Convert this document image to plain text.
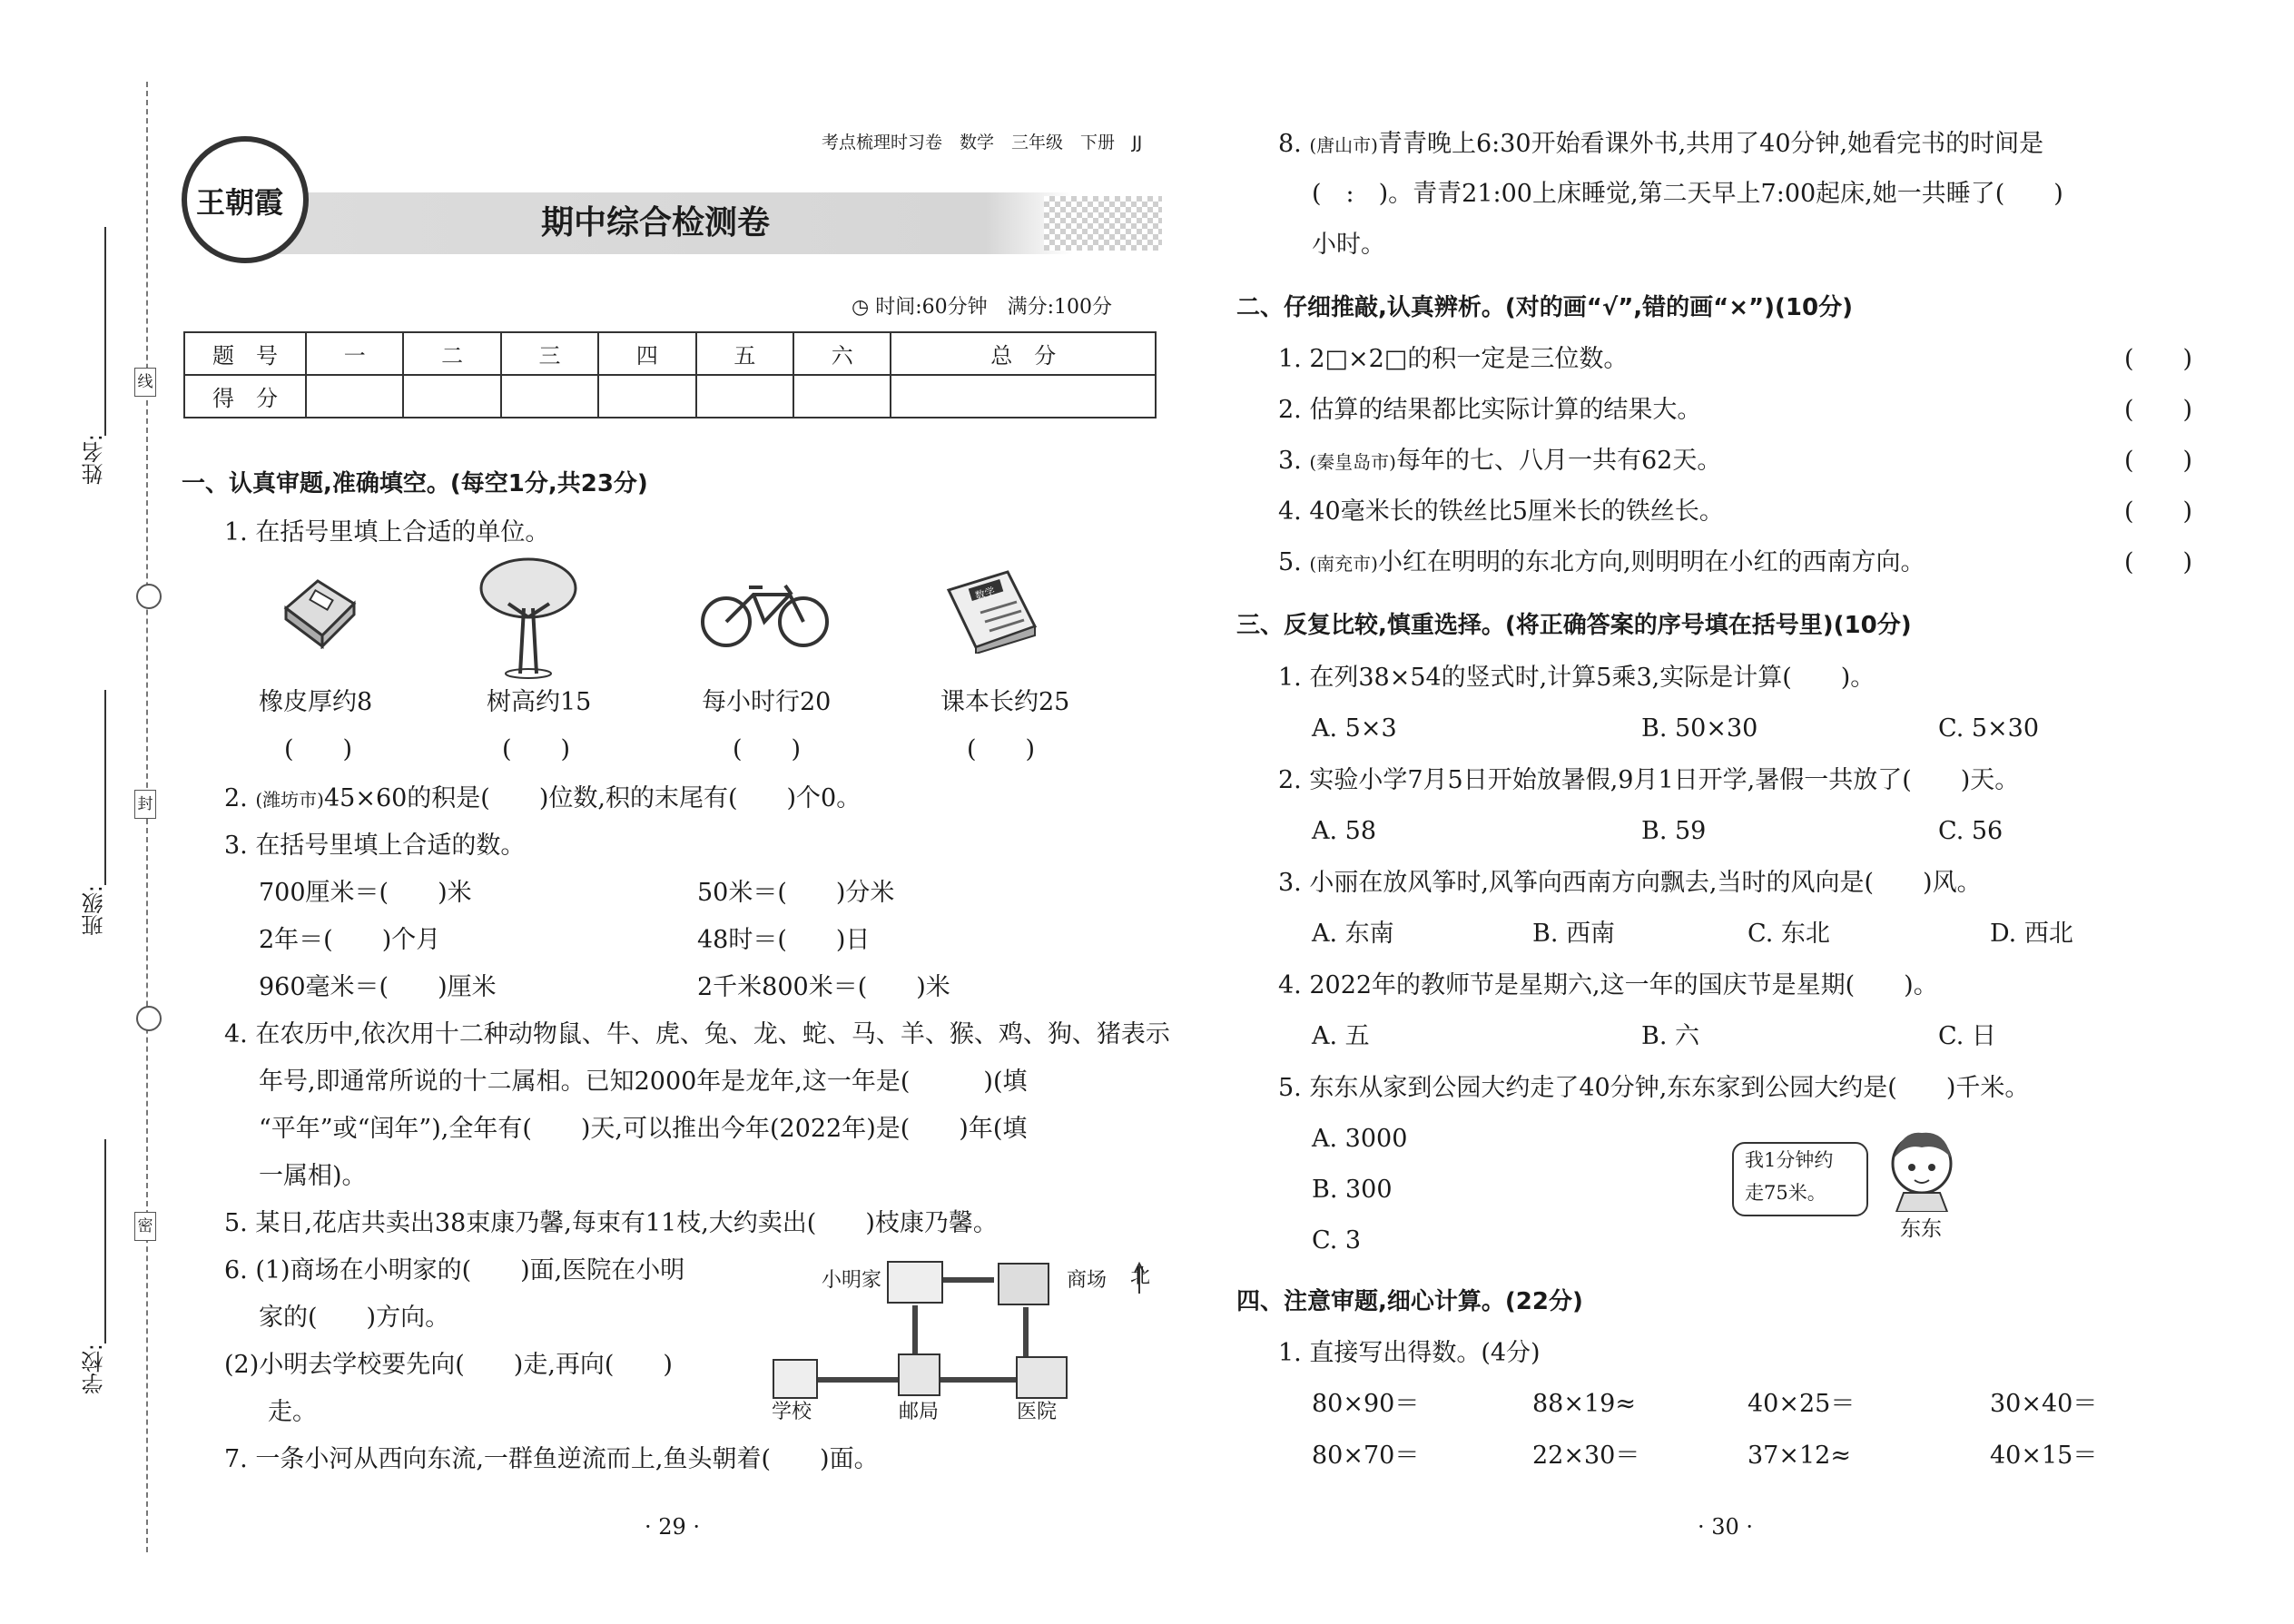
线
封
密
姓名:
班级:
学校:
王朝霞
考点梳理时习卷　数学　三年级　下册　JJ
期中综合检测卷
◷ 时间:60分钟　满分:100分
题　号	一	二	三	四	五	六	总　分
得　分							
一、认真审题,准确填空。(每空1分,共23分)
1. 在括号里填上合适的单位。
数学
橡皮厚约8	树高约15	每小时行20	课本长约25
(　　)	(　　)	(　　)	(　　)
2. (潍坊市)45×60的积是(　　)位数,积的末尾有(　　)个0。
3. 在括号里填上合适的数。
700厘米＝(　　)米	50米＝(　　)分米
2年＝(　　)个月	48时＝(　　)日
960毫米＝(　　)厘米	2千米800米＝(　　)米
4. 在农历中,依次用十二种动物鼠、牛、虎、兔、龙、蛇、马、羊、猴、鸡、狗、猪表示
年号,即通常所说的十二属相。已知2000年是龙年,这一年是(　　　)(填
“平年”或“闰年”),全年有(　　)天,可以推出今年(2022年)是(　　)年(填
一属相)。
5. 某日,花店共卖出38束康乃馨,每束有11枝,大约卖出(　　)枝康乃馨。
6. (1)商场在小明家的(　　)面,医院在小明
家的(　　)方向。
(2)小明去学校要先向(　　)走,再向(　　)
走。
小明家	商场 北
学校	邮局	医院
7. 一条小河从西向东流,一群鱼逆流而上,鱼头朝着(　　)面。
· 29 ·
8. (唐山市)青青晚上6:30开始看课外书,共用了40分钟,她看完书的时间是
(　:　)。青青21:00上床睡觉,第二天早上7:00起床,她一共睡了(　　)
小时。
二、仔细推敲,认真辨析。(对的画“√”,错的画“×”)(10分)
1. 2□×2□的积一定是三位数。
2. 估算的结果都比实际计算的结果大。
3. (秦皇岛市)每年的七、八月一共有62天。
4. 40毫米长的铁丝比5厘米长的铁丝长。
5. (南充市)小红在明明的东北方向,则明明在小红的西南方向。
(　　)
(　　)
(　　)
(　　)
(　　)
三、反复比较,慎重选择。(将正确答案的序号填在括号里)(10分)
1. 在列38×54的竖式时,计算5乘3,实际是计算(　　)。
A. 5×3	B. 50×30	C. 5×30
2. 实验小学7月5日开始放暑假,9月1日开学,暑假一共放了(　　)天。
A. 58	B. 59	C. 56
3. 小丽在放风筝时,风筝向西南方向飘去,当时的风向是(　　)风。
A. 东南	B. 西南	C. 东北	D. 西北
4. 2022年的教师节是星期六,这一年的国庆节是星期(　　)。
A. 五	B. 六	C. 日
5. 东东从家到公园大约走了40分钟,东东家到公园大约是(　　)千米。
A. 3000
B. 300
C. 3
我1分钟约
走75米。
东东
四、注意审题,细心计算。(22分)
1. 直接写出得数。(4分)
80×90＝	88×19≈	40×25＝	30×40＝
80×70＝	22×30＝	37×12≈	40×15＝
· 30 ·
